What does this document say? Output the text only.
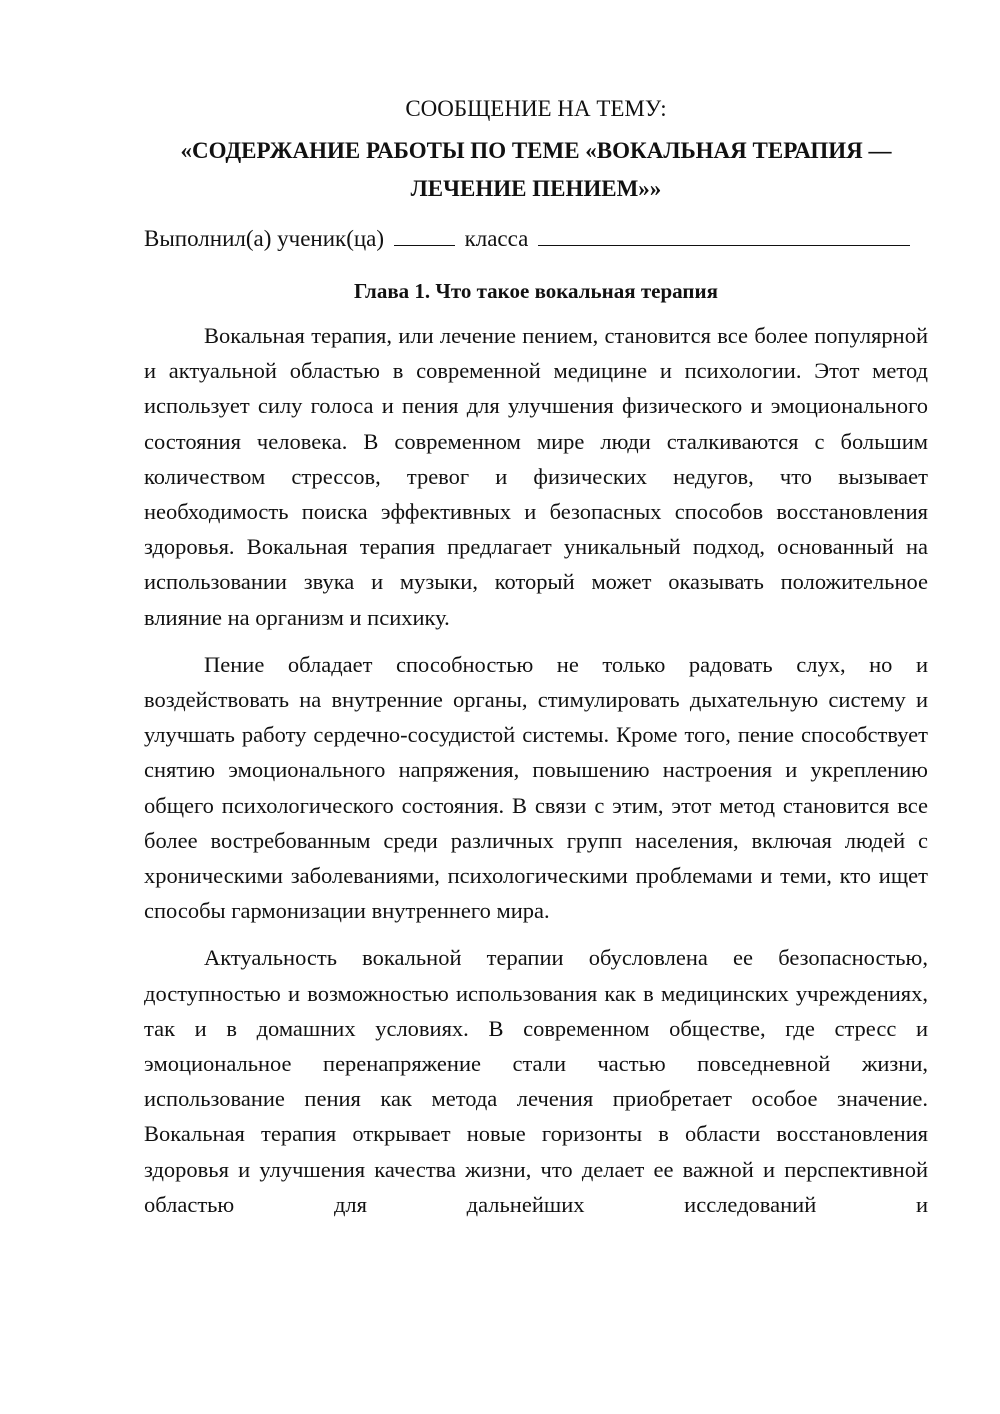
СООБЩЕНИЕ НА ТЕМУ:

«СОДЕРЖАНИЕ РАБОТЫ ПО ТЕМЕ «ВОКАЛЬНАЯ ТЕРАПИЯ —
ЛЕЧЕНИЕ ПЕНИЕМ»»

Выполнил(а) ученик(ца)	класса

Глава 1. Что такое вокальная терапия

Вокальная терапия, или лечение пением, становится все более популярной и актуальной областью в современной медицине и психологии. Этот метод использует силу голоса и пения для улучшения физического и эмоционального состояния человека. В современном мире люди сталкиваются с большим количеством стрессов, тревог и физических недугов, что вызывает необходимость поиска эффективных и безопасных способов восстановления здоровья. Вокальная терапия предлагает уникальный подход, основанный на использовании звука и музыки, который может оказывать положительное влияние на организм и психику.

Пение обладает способностью не только радовать слух, но и воздействовать на внутренние органы, стимулировать дыхательную систему и улучшать работу сердечно-сосудистой системы. Кроме того, пение способствует снятию эмоционального напряжения, повышению настроения и укреплению общего психологического состояния. В связи с этим, этот метод становится все более востребованным среди различных групп населения, включая людей с хроническими заболеваниями, психологическими проблемами и теми, кто ищет способы гармонизации внутреннего мира.

Актуальность вокальной терапии обусловлена ее безопасностью, доступностью и возможностью использования как в медицинских учреждениях, так и в домашних условиях. В современном обществе, где стресс и эмоциональное перенапряжение стали частью повседневной жизни, использование пения как метода лечения приобретает особое значение. Вокальная терапия открывает новые горизонты в области восстановления здоровья и улучшения качества жизни, что делает ее важной и перспективной областью для дальнейших исследований и
